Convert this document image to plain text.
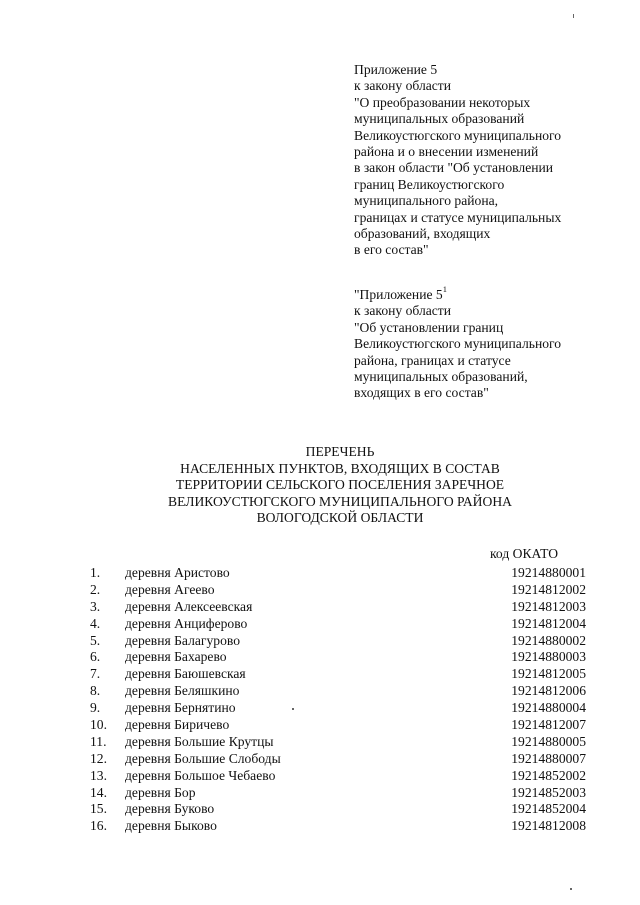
Приложение 5
к закону области
"О преобразовании некоторых
муниципальных образований
Великоустюгского муниципального
района и о внесении изменений
в закон области "Об установлении
границ Великоустюгского
муниципального района,
границах и статусе муниципальных
образований, входящих
в его состав"
"Приложение $5^1$
к закону области
"Об установлении границ
Великоустюгского муниципального
района, границах и статусе
муниципальных образований,
входящих в его состав"
ПЕРЕЧЕНЬ
НАСЕЛЕННЫХ ПУНКТОВ, ВХОДЯЩИХ В СОСТАВ
ТЕРРИТОРИИ СЕЛЬСКОГО ПОСЕЛЕНИЯ ЗАРЕЧНОЕ
ВЕЛИКОУСТЮГСКОГО МУНИЦИПАЛЬНОГО РАЙОНА
ВОЛОГОДСКОЙ ОБЛАСТИ
код ОКАТО
1. деревня Аристово	19214880001
2. деревня Агеево	19214812002
3. деревня Алексеевская	19214812003
4. деревня Анциферово	19214812004
5. деревня Балагурово	19214880002
6. деревня Бахарево	19214880003
7. деревня Баюшевская	19214812005
8. деревня Беляшкино	19214812006
9. деревня Бернятино	19214880004
10. деревня Биричево	19214812007
11. деревня Большие Крутцы	19214880005
12. деревня Большие Слободы	19214880007
13. деревня Большое Чебаево	19214852002
14. деревня Бор	19214852003
15. деревня Буково	19214852004
16. деревня Быково	19214812008
